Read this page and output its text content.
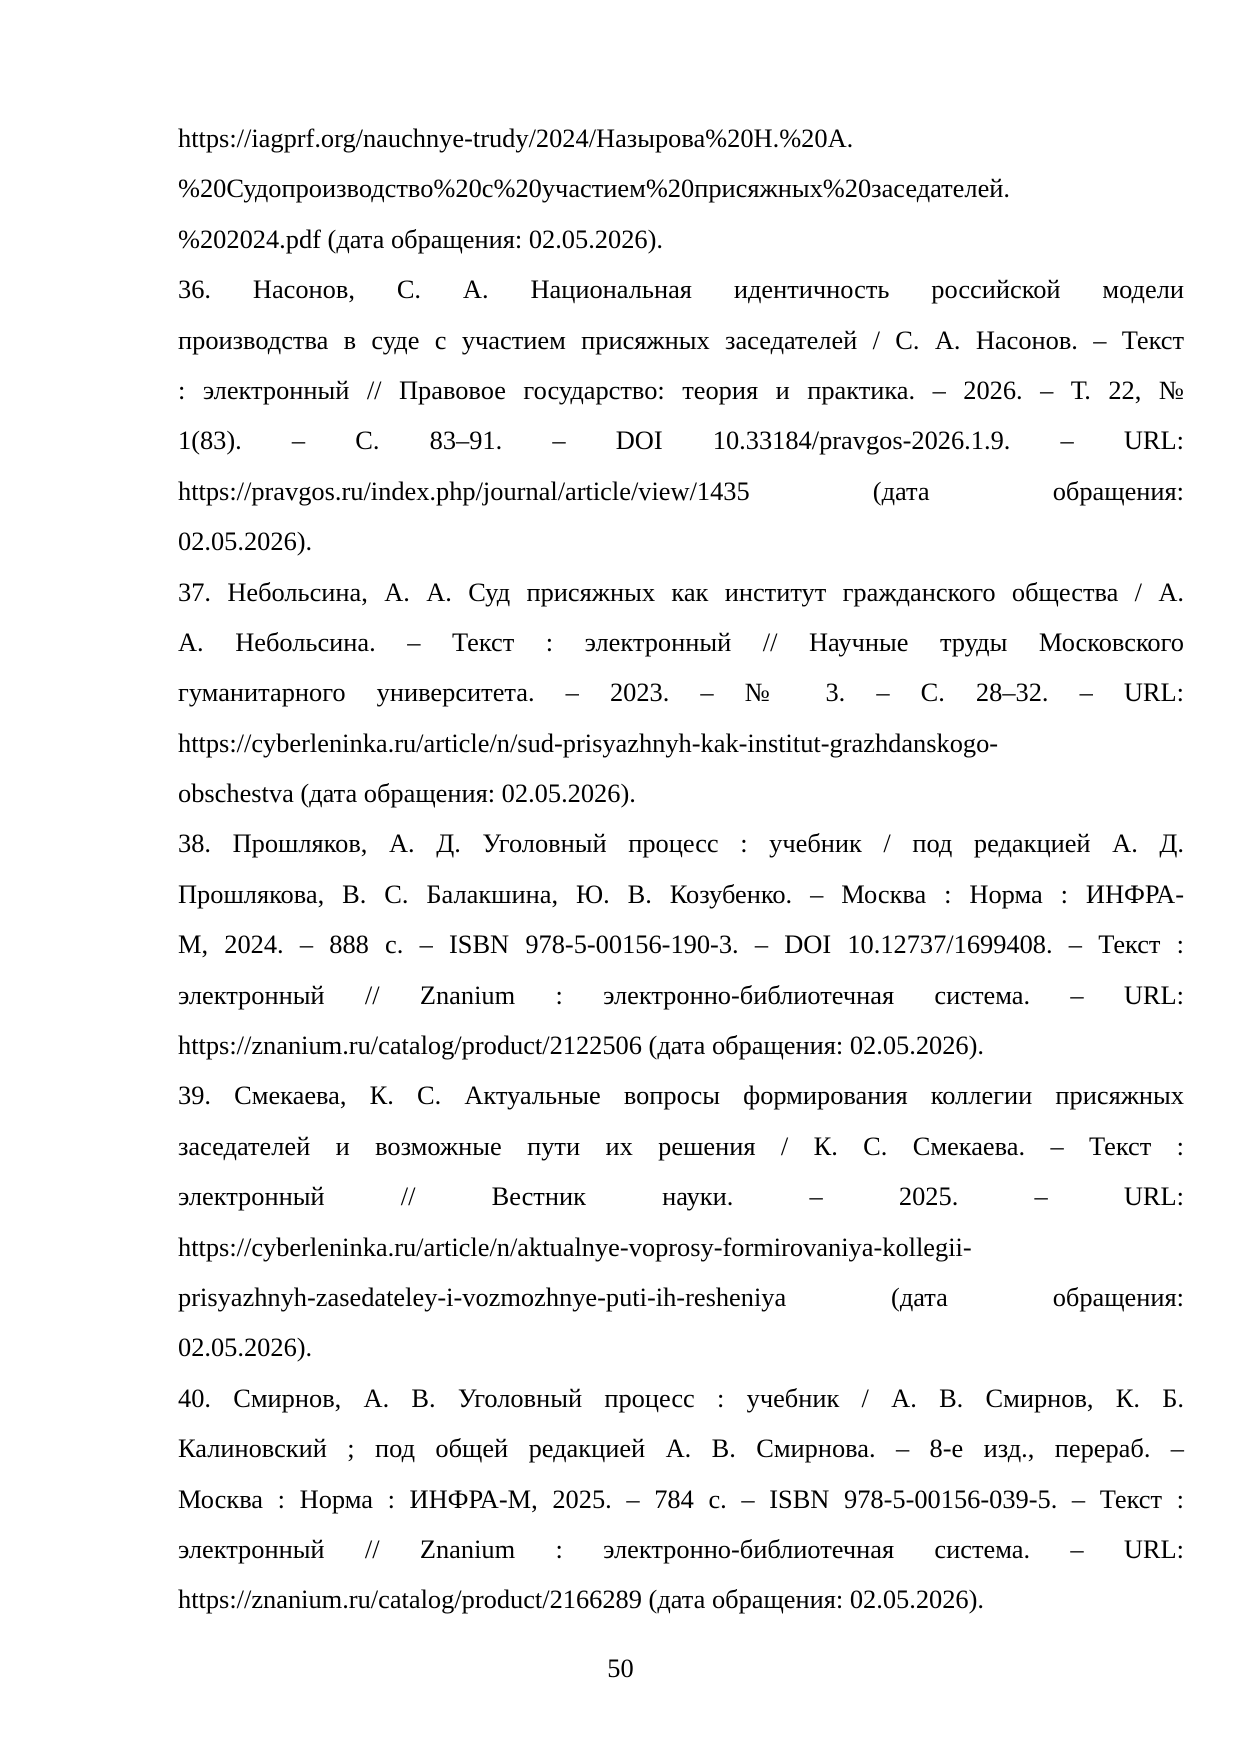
https://iagprf.org/nauchnye-trudy/2024/Назырова%20Н.%20А.
%20Судопроизводство%20с%20участием%20присяжных%20заседателей.
%202024.pdf (дата обращения: 02.05.2026).
36. Насонов, С. А. Национальная идентичность российской модели
производства в суде с участием присяжных заседателей / С. А. Насонов. – Текст
: электронный // Правовое государство: теория и практика. – 2026. – Т. 22, №
1(83). – С. 83–91. – DOI 10.33184/pravgos-2026.1.9. – URL:
https://pravgos.ru/index.php/journal/article/view/1435 (дата обращения:
02.05.2026).
37. Небольсина, А. А. Суд присяжных как институт гражданского общества / А.
А. Небольсина. – Текст : электронный // Научные труды Московского
гуманитарного университета. – 2023. – № 3. – С. 28–32. – URL:
https://cyberleninka.ru/article/n/sud-prisyazhnyh-kak-institut-grazhdanskogo-
obschestva (дата обращения: 02.05.2026).
38. Прошляков, А. Д. Уголовный процесс : учебник / под редакцией А. Д.
Прошлякова, В. С. Балакшина, Ю. В. Козубенко. – Москва : Норма : ИНФРА-
М, 2024. – 888 с. – ISBN 978-5-00156-190-3. – DOI 10.12737/1699408. – Текст :
электронный // Znanium : электронно-библиотечная система. – URL:
https://znanium.ru/catalog/product/2122506 (дата обращения: 02.05.2026).
39. Смекаева, К. С. Актуальные вопросы формирования коллегии присяжных
заседателей и возможные пути их решения / К. С. Смекаева. – Текст :
электронный // Вестник науки. – 2025. – URL:
https://cyberleninka.ru/article/n/aktualnye-voprosy-formirovaniya-kollegii-
prisyazhnyh-zasedateley-i-vozmozhnye-puti-ih-resheniya (дата обращения:
02.05.2026).
40. Смирнов, А. В. Уголовный процесс : учебник / А. В. Смирнов, К. Б.
Калиновский ; под общей редакцией А. В. Смирнова. – 8-е изд., перераб. –
Москва : Норма : ИНФРА-М, 2025. – 784 с. – ISBN 978-5-00156-039-5. – Текст :
электронный // Znanium : электронно-библиотечная система. – URL:
https://znanium.ru/catalog/product/2166289 (дата обращения: 02.05.2026).
50
